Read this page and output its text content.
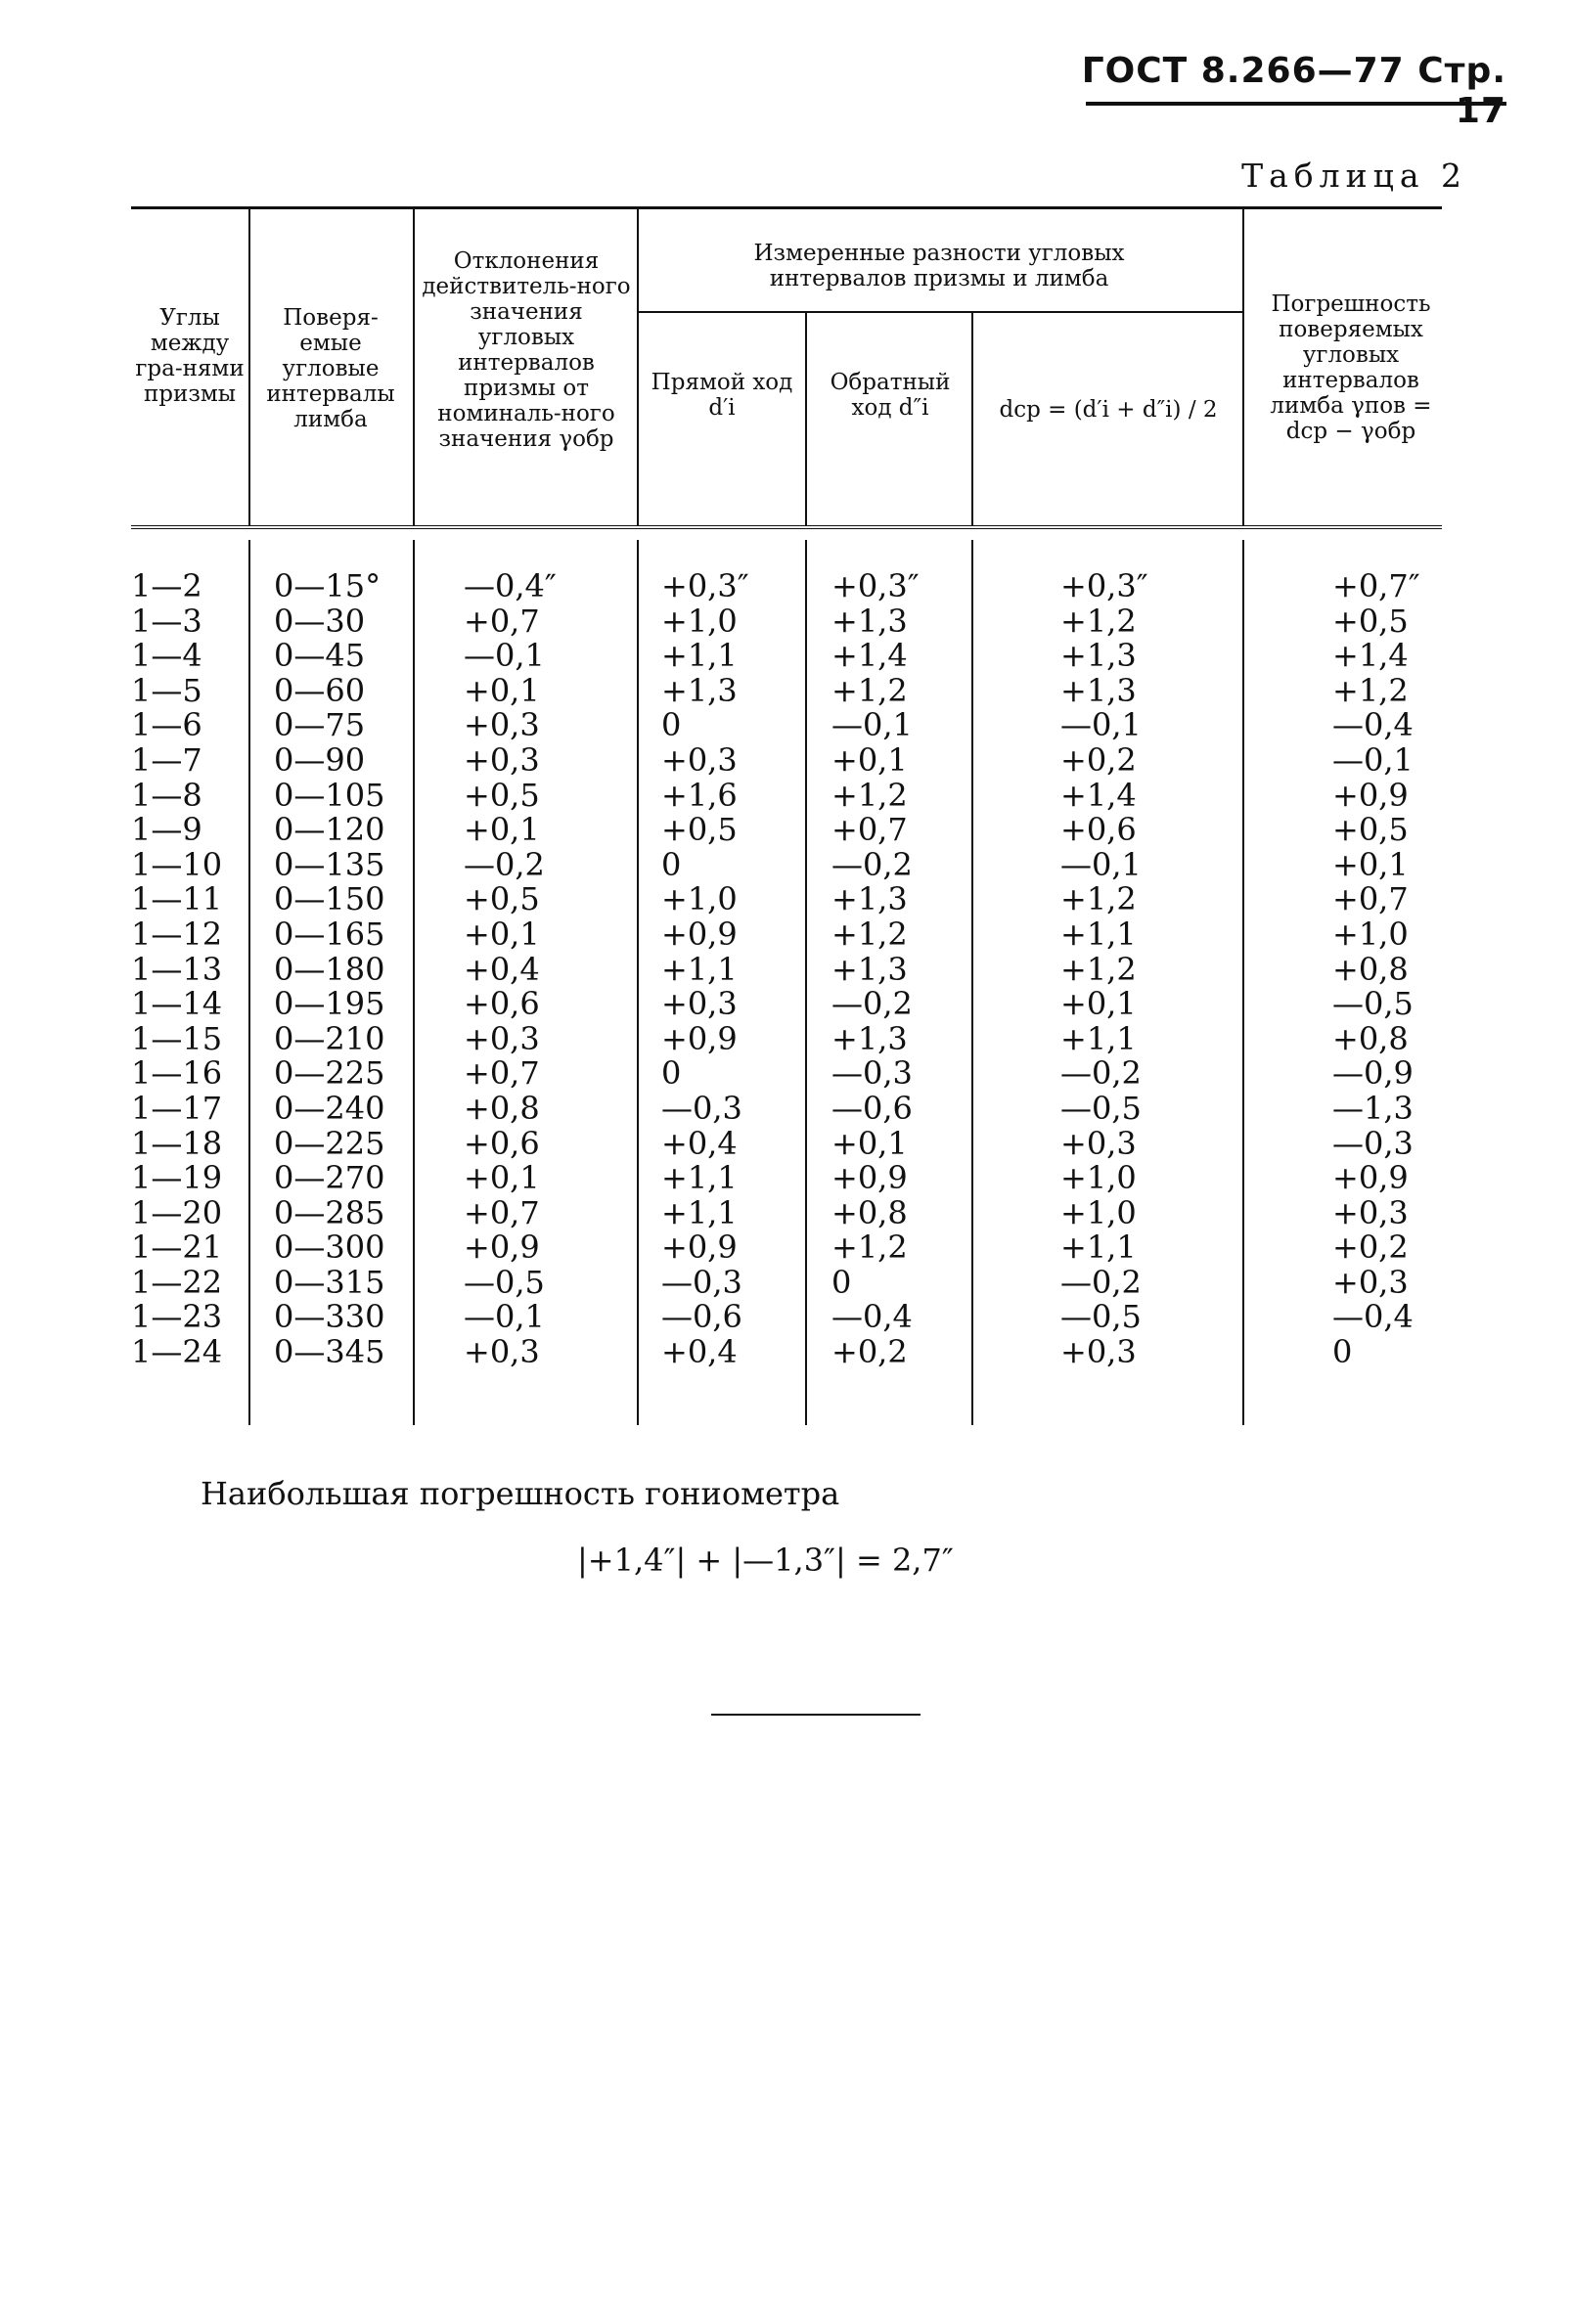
ГОСТ 8.266—77 Стр. 17
Таблица 2
Углы между гра-нями призмы
Поверя-емые угловые интервалы лимба
Отклонения действитель-ного значения угловых интервалов призмы от номиналь-ного значения γобр
Измеренные разности угловых интервалов призмы и лимба
Прямой ход d′i
Обратный ход d″i	dср = (d′i + d″i) / 2
Погрешность поверяемых угловых интервалов лимба γпов = dср − γобр
1—2 0—15°	—0,4″	+0,3″	+0,3″	+0,3″	+0,7″
1—3 0—30	+0,7	+1,0	+1,3	+1,2	+0,5
1—4 0—45	—0,1	+1,1	+1,4	+1,3	+1,4
1—5 0—60	+0,1	+1,3	+1,2	+1,3	+1,2
1—6 0—75	+0,3	0	—0,1	—0,1	—0,4
1—7 0—90	+0,3	+0,3	+0,1	+0,2	—0,1
1—8 0—105	+0,5	+1,6	+1,2	+1,4	+0,9
1—9 0—120	+0,1	+0,5	+0,7	+0,6	+0,5
1—10 0—135	—0,2	0	—0,2	—0,1	+0,1
1—11 0—150	+0,5	+1,0	+1,3	+1,2	+0,7
1—12 0—165	+0,1	+0,9	+1,2	+1,1	+1,0
1—13 0—180	+0,4	+1,1	+1,3	+1,2	+0,8
1—14 0—195	+0,6	+0,3	—0,2	+0,1	—0,5
1—15 0—210	+0,3	+0,9	+1,3	+1,1	+0,8
1—16 0—225	+0,7	0	—0,3	—0,2	—0,9
1—17 0—240	+0,8	—0,3	—0,6	—0,5	—1,3
1—18 0—225	+0,6	+0,4	+0,1	+0,3	—0,3
1—19 0—270	+0,1	+1,1	+0,9	+1,0	+0,9
1—20 0—285	+0,7	+1,1	+0,8	+1,0	+0,3
1—21 0—300	+0,9	+0,9	+1,2	+1,1	+0,2
1—22 0—315	—0,5	—0,3	0	—0,2	+0,3
1—23 0—330	—0,1	—0,6	—0,4	—0,5	—0,4
1—24 0—345	+0,3	+0,4	+0,2	+0,3	0
Наибольшая погрешность гониометра
|+1,4″| + |—1,3″| = 2,7″
